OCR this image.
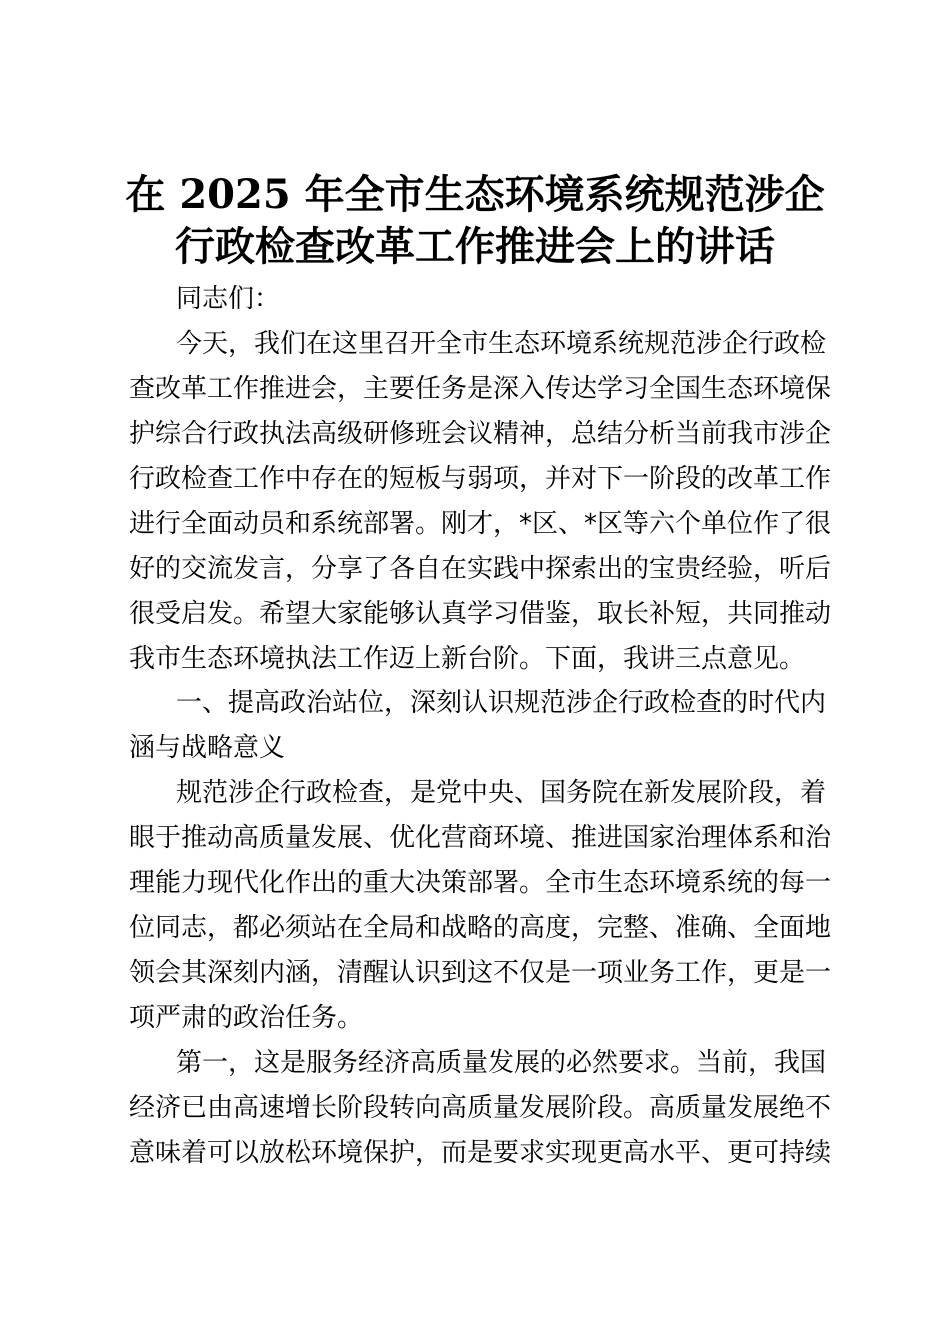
在 2025 年全市生态环境系统规范涉企

行政检查改革工作推进会上的讲话

同志们：

今天，我们在这里召开全市生态环境系统规范涉企行政检

查改革工作推进会，主要任务是深入传达学习全国生态环境保

护综合行政执法高级研修班会议精神，总结分析当前我市涉企

行政检查工作中存在的短板与弱项，并对下一阶段的改革工作

进行全面动员和系统部署。刚才，*区、*区等六个单位作了很

好的交流发言，分享了各自在实践中探索出的宝贵经验，听后

很受启发。希望大家能够认真学习借鉴，取长补短，共同推动

我市生态环境执法工作迈上新台阶。下面，我讲三点意见。

一、提高政治站位，深刻认识规范涉企行政检查的时代内

涵与战略意义

规范涉企行政检查，是党中央、国务院在新发展阶段，着

眼于推动高质量发展、优化营商环境、推进国家治理体系和治

理能力现代化作出的重大决策部署。全市生态环境系统的每一

位同志，都必须站在全局和战略的高度，完整、准确、全面地

领会其深刻内涵，清醒认识到这不仅是一项业务工作，更是一

项严肃的政治任务。

第一，这是服务经济高质量发展的必然要求。当前，我国

经济已由高速增长阶段转向高质量发展阶段。高质量发展绝不

意味着可以放松环境保护，而是要求实现更高水平、更可持续
